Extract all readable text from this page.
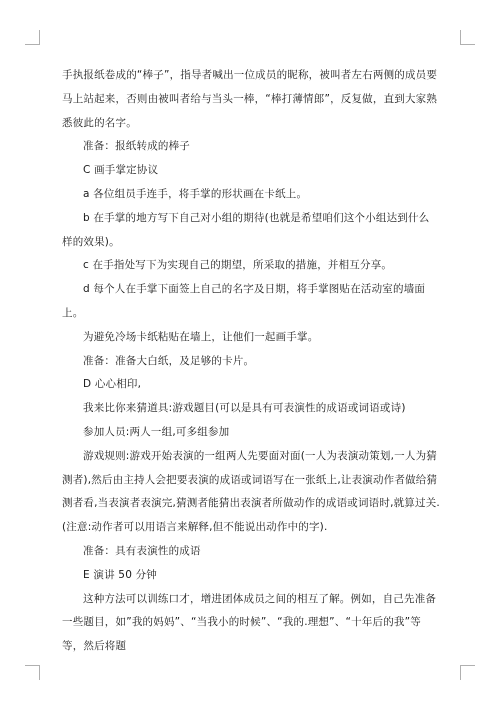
手执报纸卷成的“棒子”，指导者喊出一位成员的昵称，被叫者左右两侧的成员要马上站起来，否则由被叫者给与当头一棒，“棒打薄情郎”，反复做，直到大家熟悉彼此的名字。

准备：报纸转成的棒子

C 画手掌定协议

a 各位组员手连手，将手掌的形状画在卡纸上。

b 在手掌的地方写下自己对小组的期待(也就是希望咱们这个小组达到什么样的效果)。

c 在手指处写下为实现自己的期望，所采取的措施，并相互分享。

d 每个人在手掌下面签上自己的名字及日期，将手掌图贴在活动室的墙面上。

为避免冷场卡纸粘贴在墙上，让他们一起画手掌。

准备：准备大白纸，及足够的卡片。

D 心心相印,

我来比你来猜道具:游戏题目(可以是具有可表演性的成语或词语或诗)

参加人员:两人一组,可多组参加

游戏规则:游戏开始表演的一组两人先要面对面(一人为表演动策划,一人为猜测者),然后由主持人会把要表演的成语或词语写在一张纸上,让表演动作者做给猜测者看,当表演者表演完,猜测者能猜出表演者所做动作的成语或词语时,就算过关.(注意:动作者可以用语言来解释,但不能说出动作中的字).

准备：具有表演性的成语

E 演讲 50 分钟

这种方法可以训练口才，增进团体成员之间的相互了解。例如，自己先准备一些题目，如”我的妈妈”、“当我小的时候”、“我的.理想”、“十年后的我”等等，然后将题
